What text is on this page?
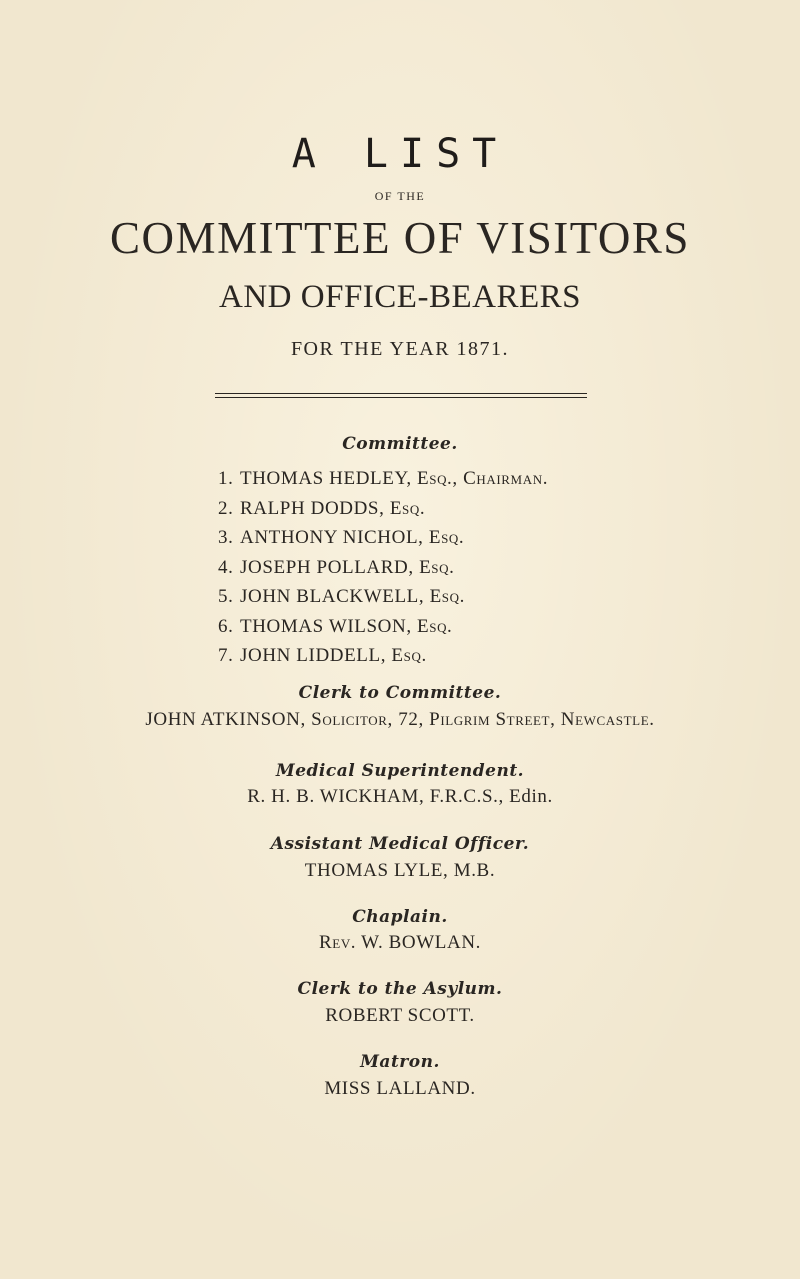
A LIST
OF THE
COMMITTEE OF VISITORS
AND OFFICE-BEARERS
FOR THE YEAR 1871.
Committee.
1. THOMAS HEDLEY, Esq., Chairman.
2. RALPH DODDS, Esq.
3. ANTHONY NICHOL, Esq.
4. JOSEPH POLLARD, Esq.
5. JOHN BLACKWELL, Esq.
6. THOMAS WILSON, Esq.
7. JOHN LIDDELL, Esq.
Clerk to Committee.
JOHN ATKINSON, Solicitor, 72, Pilgrim Street, Newcastle.
Medical Superintendent.
R. H. B. WICKHAM, F.R.C.S., Edin.
Assistant Medical Officer.
THOMAS LYLE, M.B.
Chaplain.
Rev. W. BOWLAN.
Clerk to the Asylum.
ROBERT SCOTT.
Matron.
MISS LALLAND.
